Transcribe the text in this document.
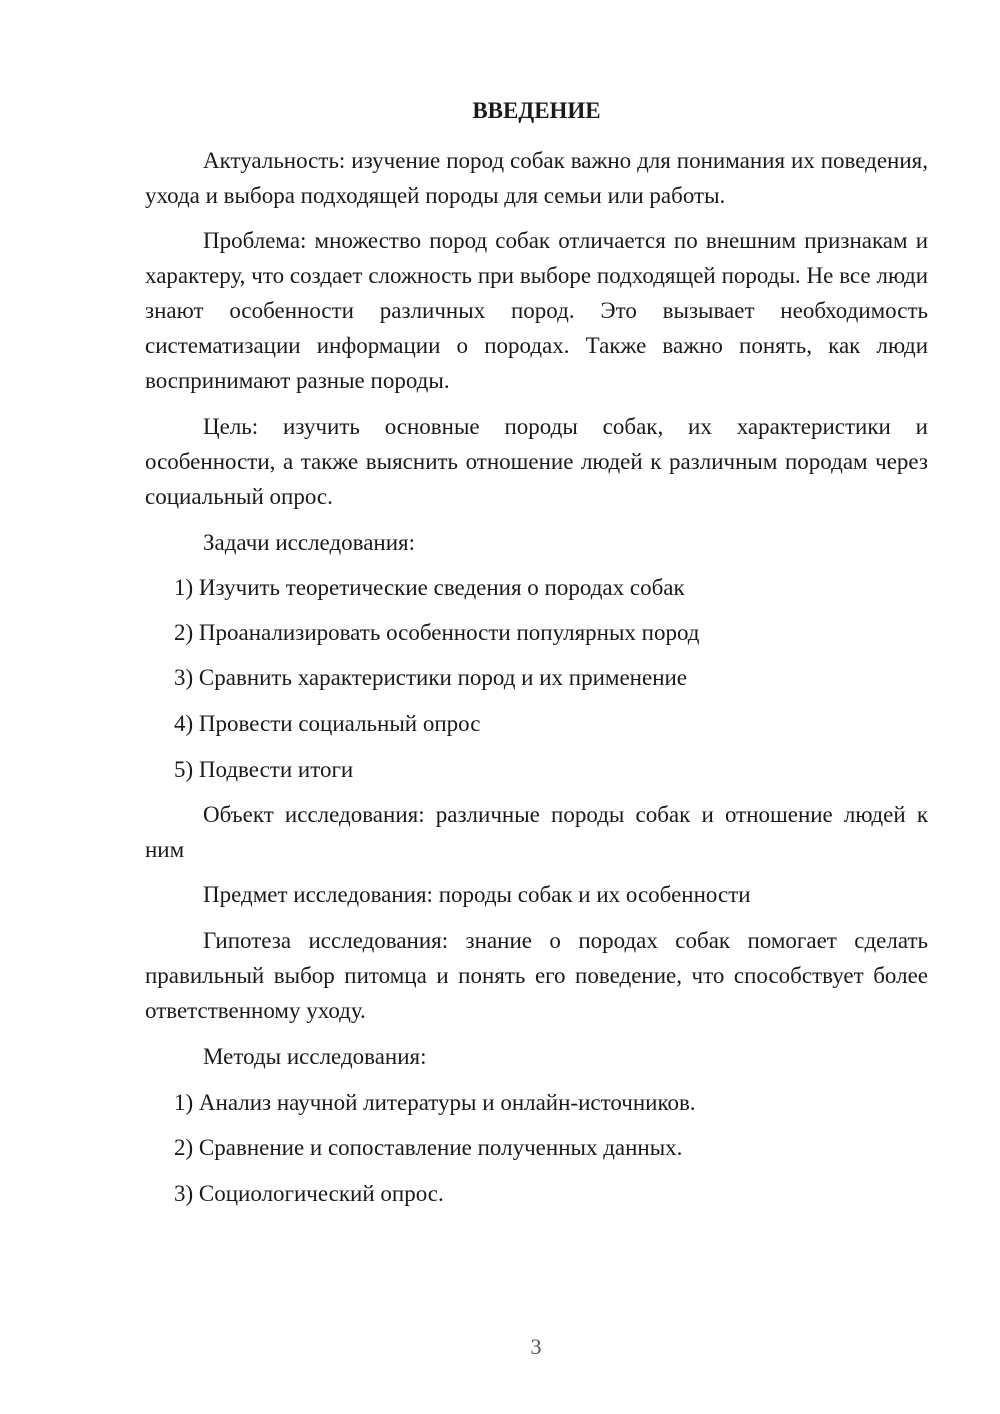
ВВЕДЕНИЕ

Актуальность: изучение пород собак важно для понимания их поведения, ухода и выбора подходящей породы для семьи или работы.

Проблема: множество пород собак отличается по внешним признакам и характеру, что создает сложность при выборе подходящей породы. Не все люди знают особенности различных пород. Это вызывает необходимость систематизации информации о породах. Также важно понять, как люди воспринимают разные породы.

Цель: изучить основные породы собак, их характеристики и особенности, а также выяснить отношение людей к различным породам через социальный опрос.

Задачи исследования:

1) Изучить теоретические сведения о породах собак

2) Проанализировать особенности популярных пород

3) Сравнить характеристики пород и их применение

4) Провести социальный опрос

5) Подвести итоги

Объект исследования: различные породы собак и отношение людей к ним

Предмет исследования: породы собак и их особенности

Гипотеза исследования: знание о породах собак помогает сделать правильный выбор питомца и понять его поведение, что способствует более ответственному уходу.

Методы исследования:

1) Анализ научной литературы и онлайн-источников.

2) Сравнение и сопоставление полученных данных.

3) Социологический опрос.

3
